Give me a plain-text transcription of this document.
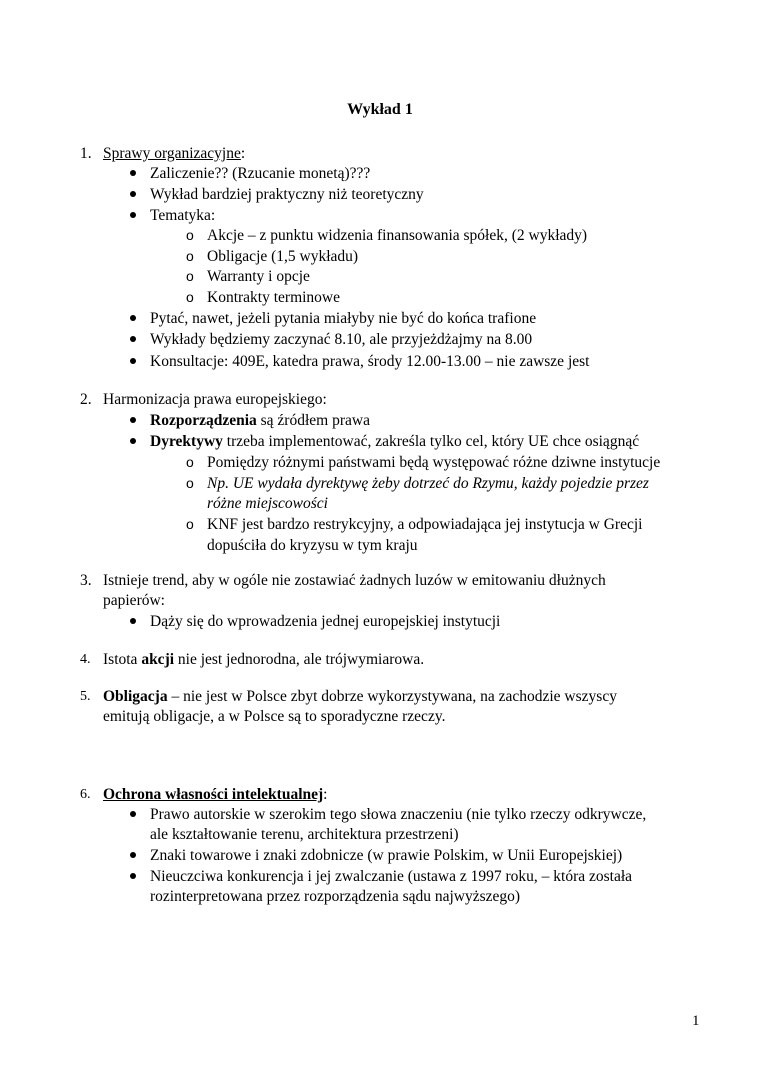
Wykład 1
1. Sprawy organizacyjne:
Zaliczenie?? (Rzucanie monetą)???
Wykład bardziej praktyczny niż teoretyczny
Tematyka:
o Akcje – z punktu widzenia finansowania spółek, (2 wykłady)
o Obligacje (1,5 wykładu)
o Warranty i opcje
o Kontrakty terminowe
Pytać, nawet, jeżeli pytania miałyby nie być do końca trafione
Wykłady będziemy zaczynać 8.10, ale przyjeżdżajmy na 8.00
Konsultacje: 409E, katedra prawa, środy 12.00-13.00 – nie zawsze jest
2. Harmonizacja prawa europejskiego:
Rozporządzenia są źródłem prawa
Dyrektywy trzeba implementować, zakreśla tylko cel, który UE chce osiągnąć
o Pomiędzy różnymi państwami będą występować różne dziwne instytucje
o Np. UE wydała dyrektywę żeby dotrzeć do Rzymu, każdy pojedzie przez
różne miejscowości
o KNF jest bardzo restrykcyjny, a odpowiadająca jej instytucja w Grecji
dopuściła do kryzysu w tym kraju
3. Istnieje trend, aby w ogóle nie zostawiać żadnych luzów w emitowaniu dłużnych
papierów:
Dąży się do wprowadzenia jednej europejskiej instytucji
4. Istota akcji nie jest jednorodna, ale trójwymiarowa.
5. Obligacja – nie jest w Polsce zbyt dobrze wykorzystywana, na zachodzie wszyscy
emitują obligacje, a w Polsce są to sporadyczne rzeczy.
6. Ochrona własności intelektualnej:
Prawo autorskie w szerokim tego słowa znaczeniu (nie tylko rzeczy odkrywcze,
ale kształtowanie terenu, architektura przestrzeni)
Znaki towarowe i znaki zdobnicze (w prawie Polskim, w Unii Europejskiej)
Nieuczciwa konkurencja i jej zwalczanie (ustawa z 1997 roku, – która została
rozinterpretowana przez rozporządzenia sądu najwyższego)
1
